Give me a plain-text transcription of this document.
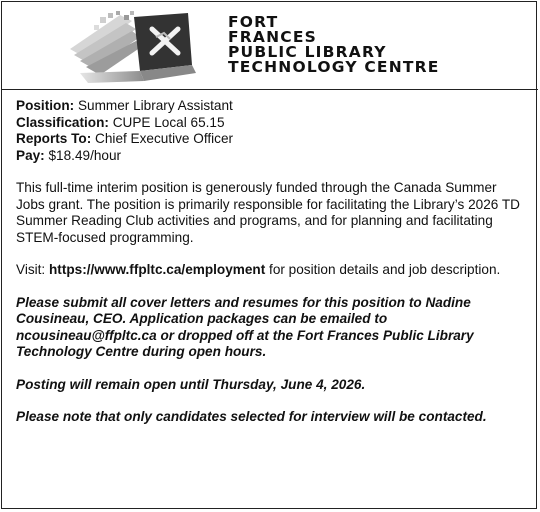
FORT
FRANCES
PUBLIC LIBRARY
TECHNOLOGY CENTRE

Position: Summer Library Assistant

Classification: CUPE Local 65.15

Reports To: Chief Executive Officer

Pay: $18.49/hour

This full-time interim position is generously funded through the Canada Summer Jobs grant. The position is primarily responsible for facilitating the Library’s 2026 TD Summer Reading Club activities and programs, and for planning and facilitating STEM-focused programming.

Visit: https://www.ffpltc.ca/employment for position details and job description.

Please submit all cover letters and resumes for this position to Nadine Cousineau, CEO. Application packages can be emailed to ncousineau@ffpltc.ca or dropped off at the Fort Frances Public Library Technology Centre during open hours.

Posting will remain open until Thursday, June 4, 2026.

Please note that only candidates selected for interview will be contacted.
